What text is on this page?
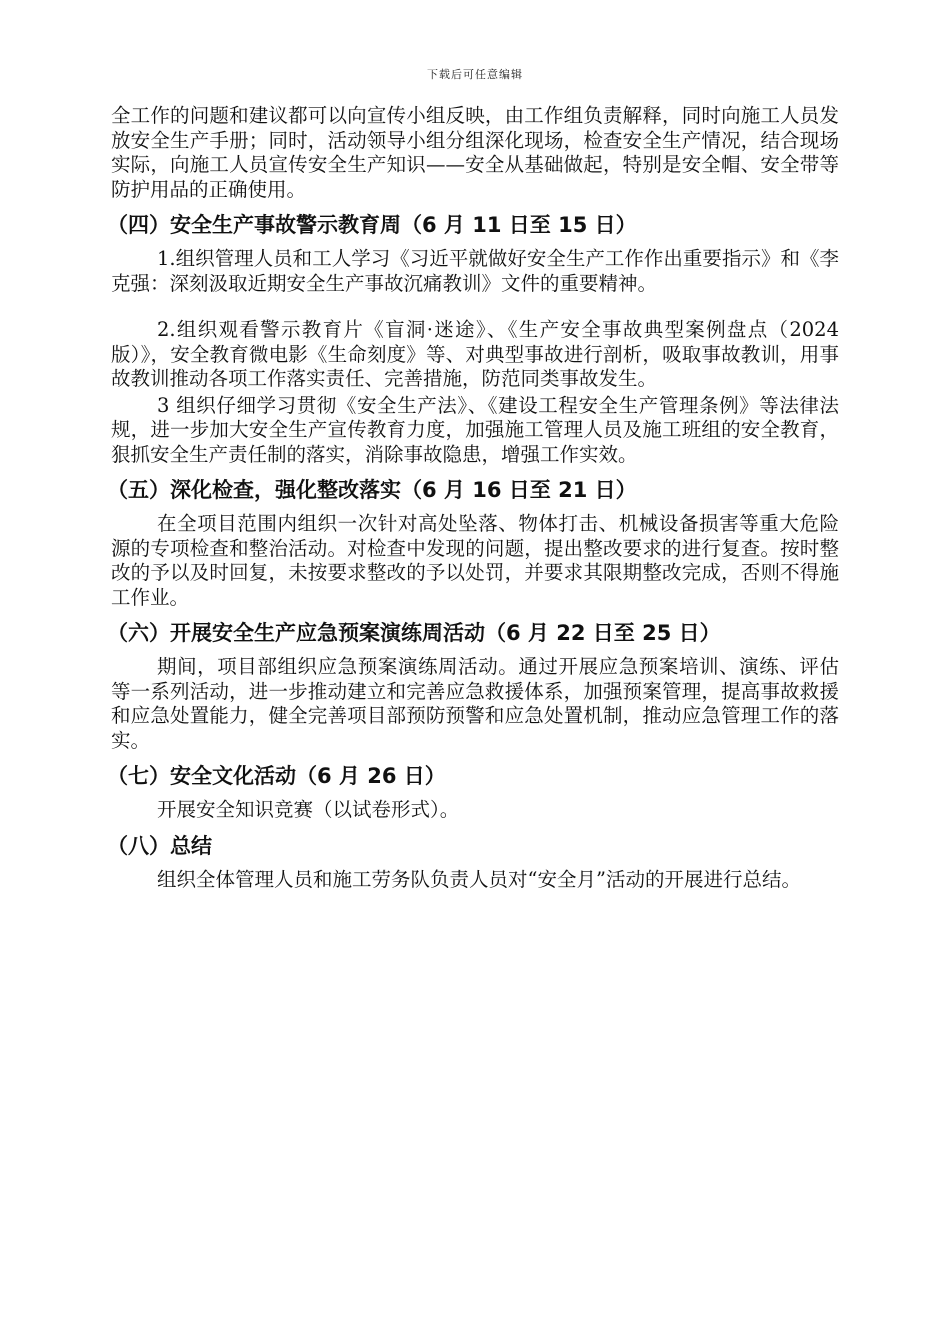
下载后可任意编辑

全工作的问题和建议都可以向宣传小组反映，由工作组负责解释，同时向施工人员发放安全生产手册；同时，活动领导小组分组深化现场，检查安全生产情况，结合现场实际，向施工人员宣传安全生产知识——安全从基础做起，特别是安全帽、安全带等防护用品的正确使用。

（四）安全生产事故警示教育周（6 月 11 日至 15 日）

1.组织管理人员和工人学习《习近平就做好安全生产工作作出重要指示》和《李克强：深刻汲取近期安全生产事故沉痛教训》文件的重要精神。

2.组织观看警示教育片《盲洞·迷途》、《生产安全事故典型案例盘点（2024 版）》，安全教育微电影《生命刻度》等、对典型事故进行剖析，吸取事故教训，用事故教训推动各项工作落实责任、完善措施，防范同类事故发生。

3 组织仔细学习贯彻《安全生产法》、《建设工程安全生产管理条例》等法律法规，进一步加大安全生产宣传教育力度，加强施工管理人员及施工班组的安全教育，狠抓安全生产责任制的落实，消除事故隐患，增强工作实效。

（五）深化检查，强化整改落实（6 月 16 日至 21 日）

在全项目范围内组织一次针对高处坠落、物体打击、机械设备损害等重大危险源的专项检查和整治活动。对检查中发现的问题，提出整改要求的进行复查。按时整改的予以及时回复，未按要求整改的予以处罚，并要求其限期整改完成，否则不得施工作业。

（六）开展安全生产应急预案演练周活动（6 月 22 日至 25 日）

期间，项目部组织应急预案演练周活动。通过开展应急预案培训、演练、评估等一系列活动，进一步推动建立和完善应急救援体系，加强预案管理，提高事故救援和应急处置能力，健全完善项目部预防预警和应急处置机制，推动应急管理工作的落实。

（七）安全文化活动（6 月 26 日）

开展安全知识竞赛（以试卷形式）。

（八）总结

组织全体管理人员和施工劳务队负责人员对“安全月”活动的开展进行总结。
